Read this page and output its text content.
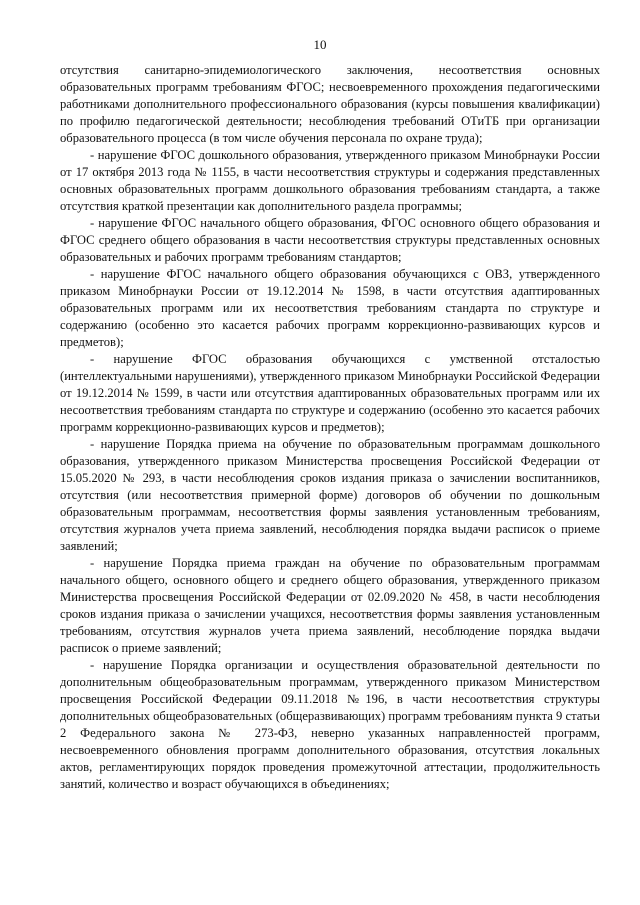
10

отсутствия санитарно-эпидемиологического заключения, несоответствия основных образовательных программ требованиям ФГОС; несвоевременного прохождения педагогическими работниками дополнительного профессионального образования (курсы повышения квалификации) по профилю педагогической деятельности; несоблюдения требований ОТиТБ при организации образовательного процесса (в том числе обучения персонала по охране труда);

- нарушение ФГОС дошкольного образования, утвержденного приказом Минобрнауки России от 17 октября 2013 года № 1155, в части несоответствия структуры и содержания представленных основных образовательных программ дошкольного образования требованиям стандарта, а также отсутствия краткой презентации как дополнительного раздела программы;

- нарушение ФГОС начального общего образования, ФГОС основного общего образования и ФГОС среднего общего образования в части несоответствия структуры представленных основных образовательных и рабочих программ требованиям стандартов;

- нарушение ФГОС начального общего образования обучающихся с ОВЗ, утвержденного приказом Минобрнауки России от 19.12.2014 № 1598, в части отсутствия адаптированных образовательных программ или их несоответствия требованиям стандарта по структуре и содержанию (особенно это касается рабочих программ коррекционно-развивающих курсов и предметов);

- нарушение ФГОС образования обучающихся с умственной отсталостью (интеллектуальными нарушениями), утвержденного приказом Минобрнауки Российской Федерации от 19.12.2014 № 1599, в части или отсутствия адаптированных образовательных программ или их несоответствия требованиям стандарта по структуре и содержанию (особенно это касается рабочих программ коррекционно-развивающих курсов и предметов);

- нарушение Порядка приема на обучение по образовательным программам дошкольного образования, утвержденного приказом Министерства просвещения Российской Федерации от 15.05.2020 № 293, в части несоблюдения сроков издания приказа о зачислении воспитанников, отсутствия (или несоответствия примерной форме) договоров об обучении по дошкольным образовательным программам, несоответствия формы заявления установленным требованиям, отсутствия журналов учета приема заявлений, несоблюдения порядка выдачи расписок о приеме заявлений;

- нарушение Порядка приема граждан на обучение по образовательным программам начального общего, основного общего и среднего общего образования, утвержденного приказом Министерства просвещения Российской Федерации от 02.09.2020 № 458, в части несоблюдения сроков издания приказа о зачислении учащихся, несоответствия формы заявления установленным требованиям, отсутствия журналов учета приема заявлений, несоблюдение порядка выдачи расписок о приеме заявлений;

- нарушение Порядка организации и осуществления образовательной деятельности по дополнительным общеобразовательным программам, утвержденного приказом Министерством просвещения Российской Федерации 09.11.2018 №196, в части несоответствия структуры дополнительных общеобразовательных (общеразвивающих) программ требованиям пункта 9 статьи 2 Федерального закона № 273-ФЗ, неверно указанных направленностей программ, несвоевременного обновления программ дополнительного образования, отсутствия локальных актов, регламентирующих порядок проведения промежуточной аттестации, продолжительность занятий, количество и возраст обучающихся в объединениях;
